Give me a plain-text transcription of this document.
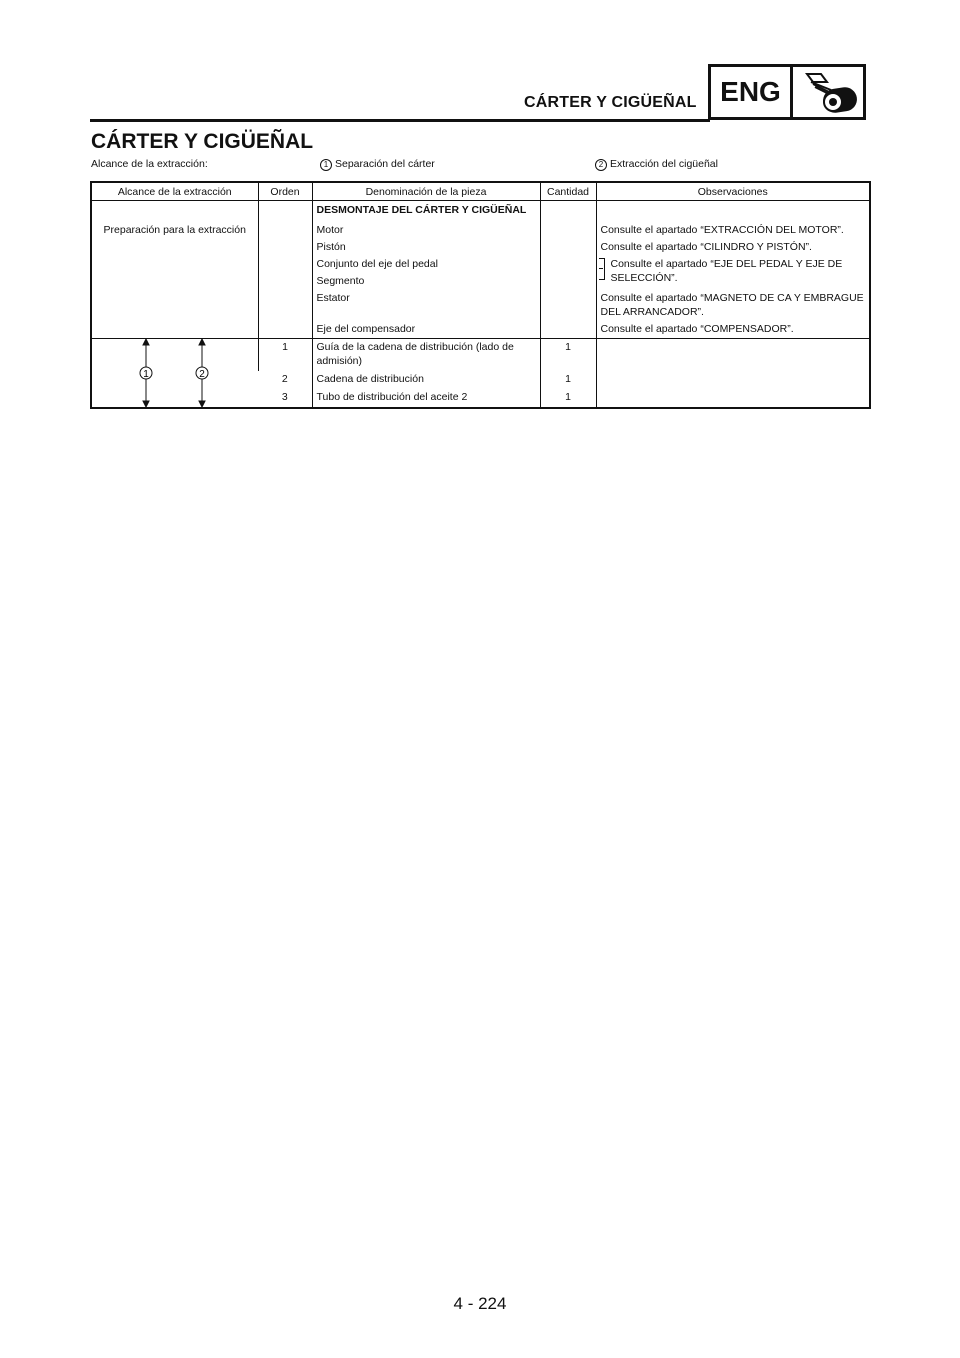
CÁRTER Y CIGÜEÑAL ENG
CÁRTER Y CIGÜEÑAL
Alcance de la extracción:	1 Separación del cárter	2 Extracción del cigüeñal
Alcance de la extracción	Orden	Denominación de la pieza	Cantidad	Observaciones
		DESMONTAJE DEL CÁRTER Y CIGÜEÑAL		
Preparación para la extracción		Motor		Consulte el apartado “EXTRACCIÓN DEL MOTOR”.
		Pistón		Consulte el apartado “CILINDRO Y PISTÓN”.
		Conjunto del eje del pedal		Consulte el apartado “EJE DEL PEDAL Y EJE DE SELECCIÓN”.
		Segmento		
		Estator		Consulte el apartado “MAGNETO DE CA Y EMBRAGUE DEL ARRANCADOR”.
		Eje del compensador		Consulte el apartado “COMPENSADOR”.

1 2	1	Guía de la cadena de distribución (lado de admisión)	1	
	2	Cadena de distribución	1	
	3	Tubo de distribución del aceite 2	1	
4 - 224
